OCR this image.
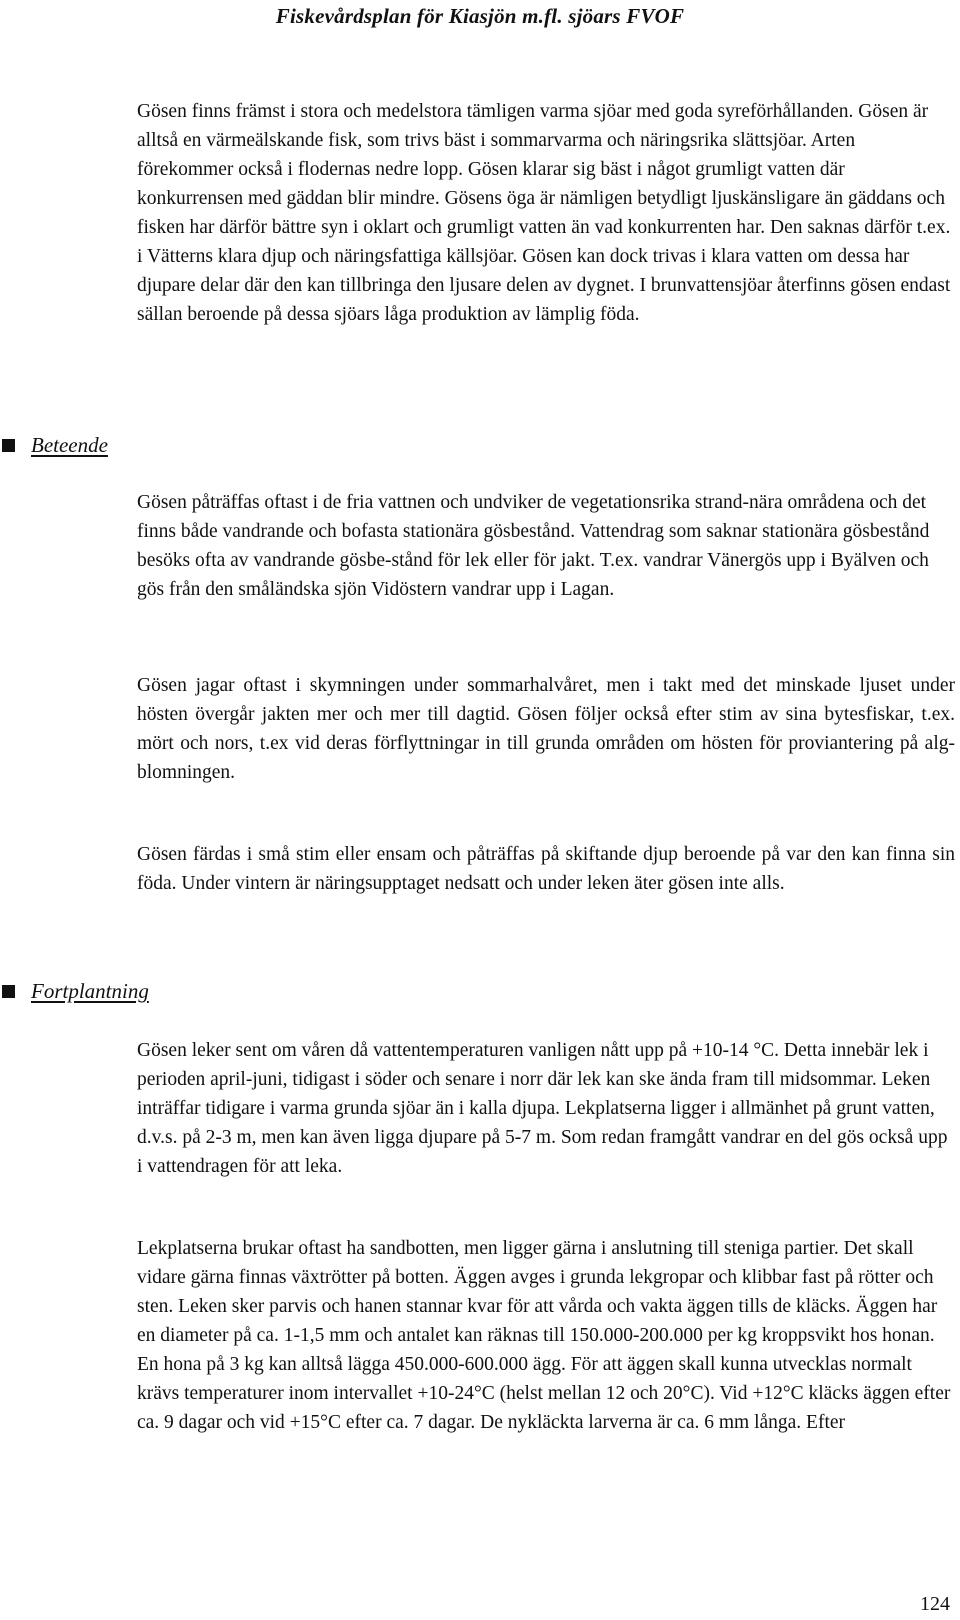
Fiskevårdsplan för Kiasjön m.fl. sjöars FVOF

Gösen finns främst i stora och medelstora tämligen varma sjöar med goda syreförhållanden. Gösen är alltså en värmeälskande fisk, som trivs bäst i sommarvarma och näringsrika slättsjöar. Arten förekommer också i flodernas nedre lopp. Gösen klarar sig bäst i något grumligt vatten där konkurrensen med gäddan blir mindre. Gösens öga är nämligen betydligt ljuskänsligare än gäddans och fisken har därför bättre syn i oklart och grumligt vatten än vad konkurrenten har. Den saknas därför t.ex. i Vätterns klara djup och näringsfattiga källsjöar. Gösen kan dock trivas i klara vatten om dessa har djupare delar där den kan tillbringa den ljusare delen av dygnet. I brunvattensjöar återfinns gösen endast sällan beroende på dessa sjöars låga produktion av lämplig föda.

Beteende

Gösen påträffas oftast i de fria vattnen och undviker de vegetationsrika strand-nära områdena och det finns både vandrande och bofasta stationära gösbestånd. Vattendrag som saknar stationära gösbestånd besöks ofta av vandrande gösbe-stånd för lek eller för jakt. T.ex. vandrar Vänergös upp i Byälven och gös från den småländska sjön Vidöstern vandrar upp i Lagan.

Gösen jagar oftast i skymningen under sommarhalvåret, men i takt med det minskade ljuset under hösten övergår jakten mer och mer till dagtid. Gösen följer också efter stim av sina bytesfiskar, t.ex. mört och nors, t.ex vid deras förflyttningar in till grunda områden om hösten för proviantering på alg-blomningen.

Gösen färdas i små stim eller ensam och påträffas på skiftande djup beroende på var den kan finna sin föda. Under vintern är näringsupptaget nedsatt och under leken äter gösen inte alls.

Fortplantning

Gösen leker sent om våren då vattentemperaturen vanligen nått upp på +10-14 °C. Detta innebär lek i perioden april-juni, tidigast i söder och senare i norr där lek kan ske ända fram till midsommar. Leken inträffar tidigare i varma grunda sjöar än i kalla djupa. Lekplatserna ligger i allmänhet på grunt vatten, d.v.s. på 2-3 m, men kan även ligga djupare på 5-7 m. Som redan framgått vandrar en del gös också upp i vattendragen för att leka.

Lekplatserna brukar oftast ha sandbotten, men ligger gärna i anslutning till steniga partier. Det skall vidare gärna finnas växtrötter på botten. Äggen avges i grunda lekgropar och klibbar fast på rötter och sten. Leken sker parvis och hanen stannar kvar för att vårda och vakta äggen tills de kläcks. Äggen har en diameter på ca. 1-1,5 mm och antalet kan räknas till 150.000-200.000 per kg kroppsvikt hos honan. En hona på 3 kg kan alltså lägga 450.000-600.000 ägg. För att äggen skall kunna utvecklas normalt krävs temperaturer inom intervallet +10-24°C (helst mellan 12 och 20°C). Vid +12°C kläcks äggen efter ca. 9 dagar och vid +15°C efter ca. 7 dagar. De nykläckta larverna är ca. 6 mm långa. Efter

124
